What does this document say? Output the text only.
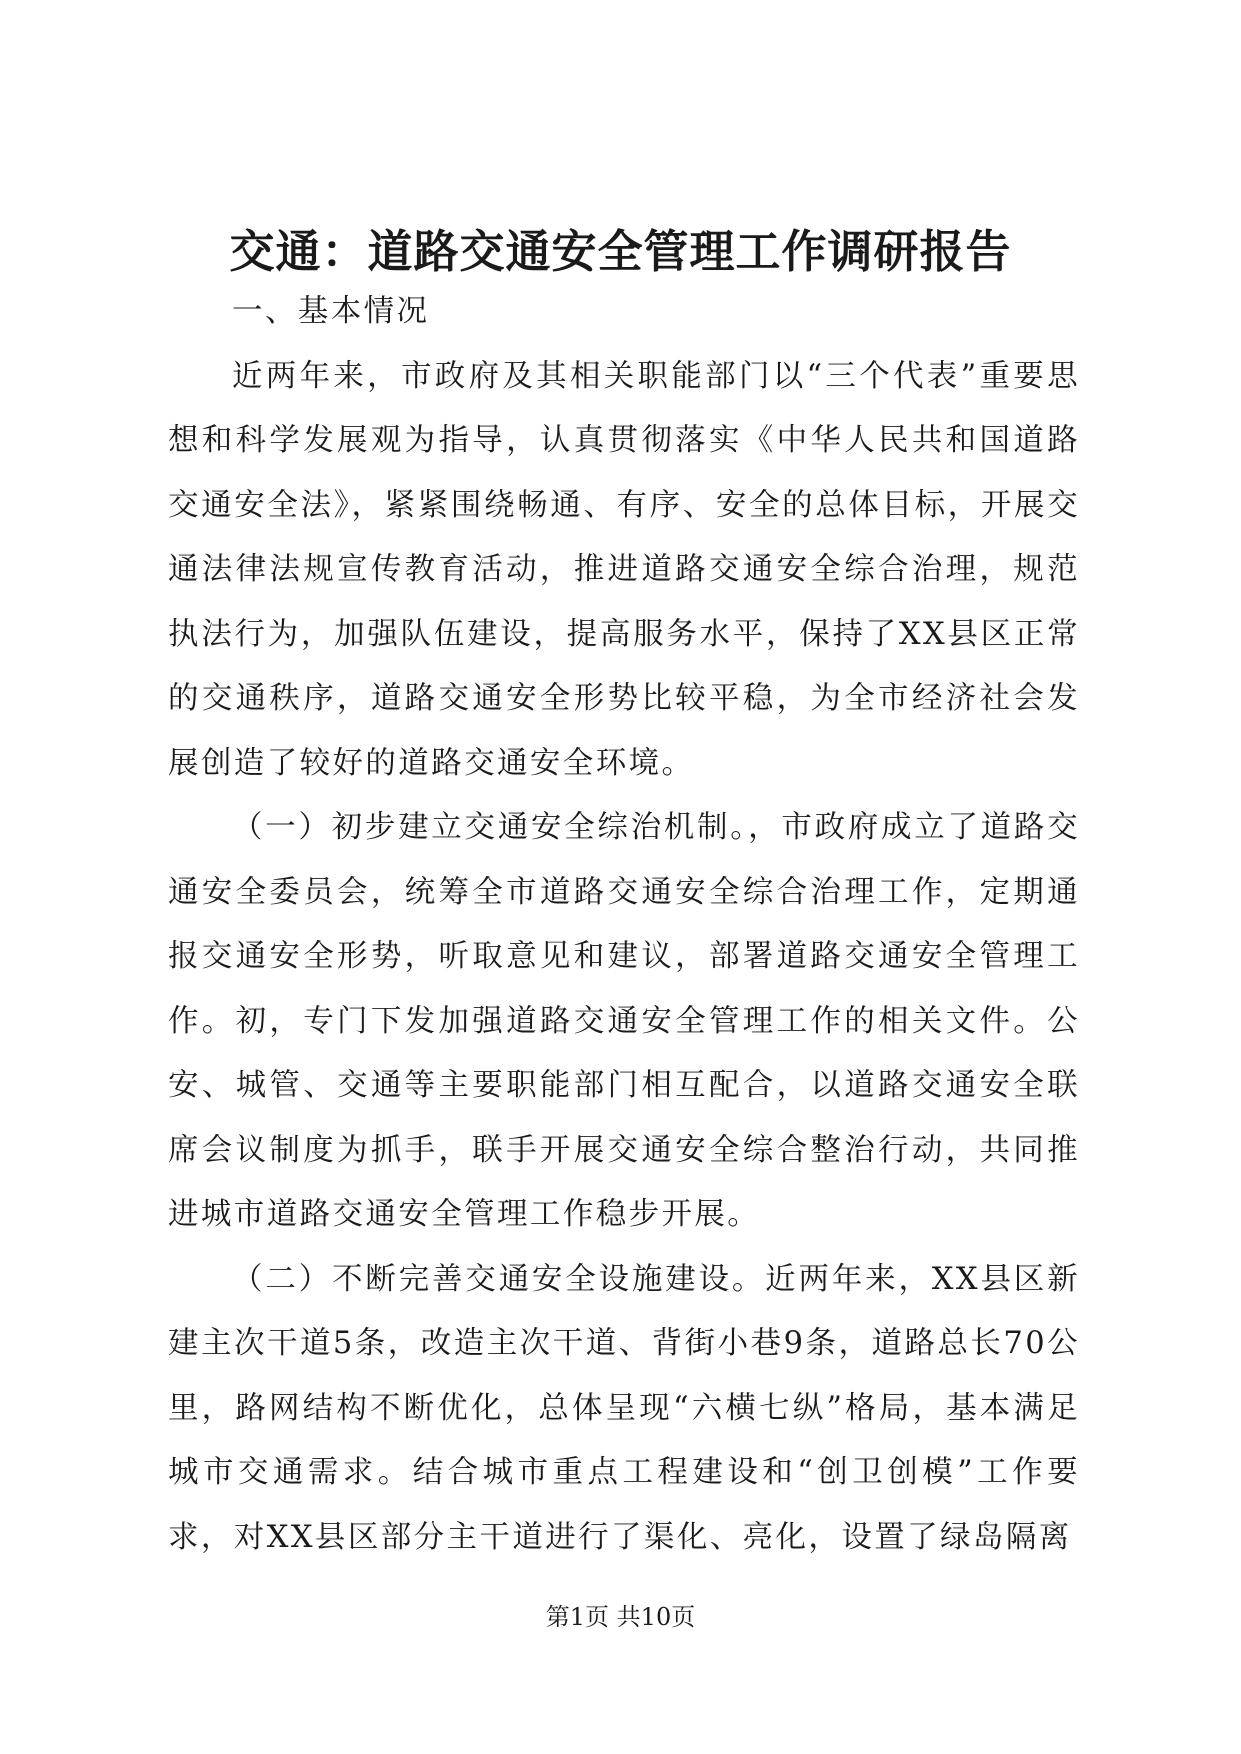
交通：道路交通安全管理工作调研报告
一、基本情况

近两年来，市政府及其相关职能部门以“三个代表”重要思想和科学发展观为指导，认真贯彻落实《中华人民共和国道路交通安全法》，紧紧围绕畅通、有序、安全的总体目标，开展交通法律法规宣传教育活动，推进道路交通安全综合治理，规范执法行为，加强队伍建设，提高服务水平，保持了XX县区正常的交通秩序，道路交通安全形势比较平稳，为全市经济社会发展创造了较好的道路交通安全环境。

（一）初步建立交通安全综治机制。，市政府成立了道路交通安全委员会，统筹全市道路交通安全综合治理工作，定期通报交通安全形势，听取意见和建议，部署道路交通安全管理工作。初，专门下发加强道路交通安全管理工作的相关文件。公安、城管、交通等主要职能部门相互配合，以道路交通安全联席会议制度为抓手，联手开展交通安全综合整治行动，共同推进城市道路交通安全管理工作稳步开展。

（二）不断完善交通安全设施建设。近两年来，XX县区新建主次干道5条，改造主次干道、背街小巷9条，道路总长70公里，路网结构不断优化，总体呈现“六横七纵”格局，基本满足城市交通需求。结合城市重点工程建设和“创卫创模”工作要求，对XX县区部分主干道进行了渠化、亮化，设置了绿岛隔离

第1页 共10页
